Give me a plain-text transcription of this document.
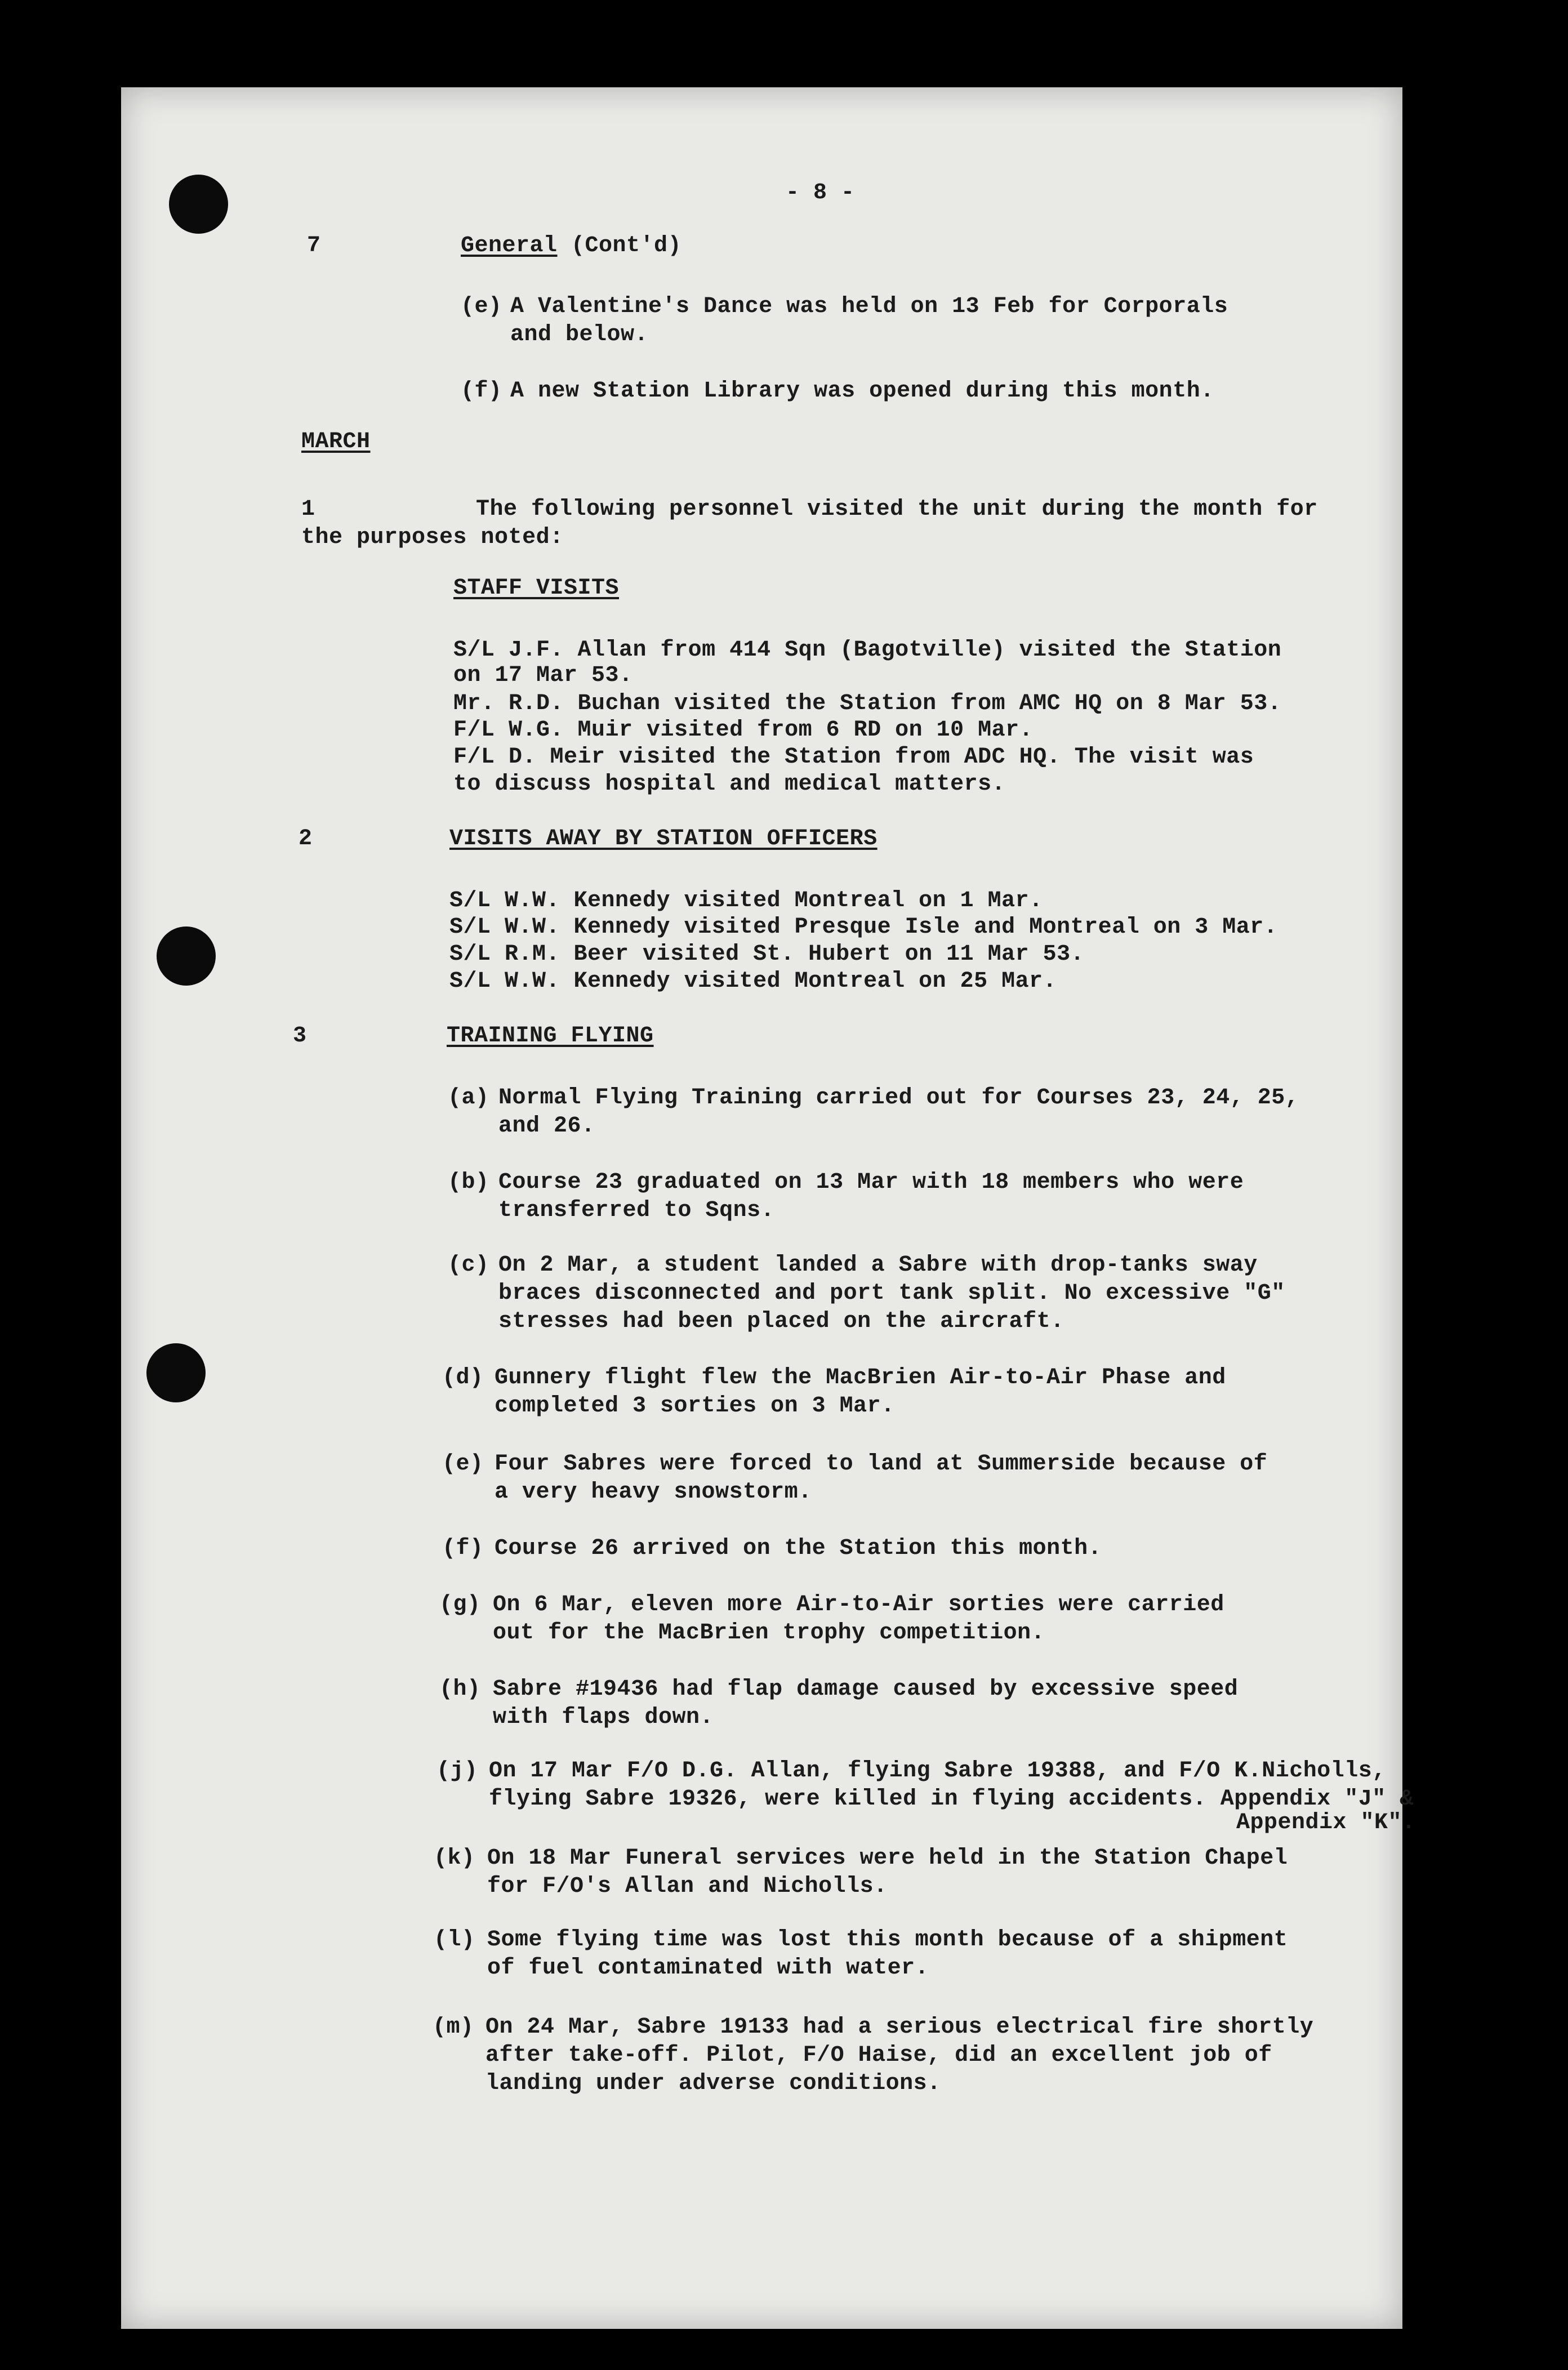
- 8 -
7	General (Cont'd)
(e) A Valentine's Dance was held on 13 Feb for Corporals
and below.
(f) A new Station Library was opened during this month.
MARCH
1	The following personnel visited the unit during the month for
the purposes noted:
STAFF VISITS
S/L J.F. Allan from 414 Sqn (Bagotville) visited the Station
on 17 Mar 53.
Mr. R.D. Buchan visited the Station from AMC HQ on 8 Mar 53.
F/L W.G. Muir visited from 6 RD on 10 Mar.
F/L D. Meir visited the Station from ADC HQ. The visit was
to discuss hospital and medical matters.
2	VISITS AWAY BY STATION OFFICERS
S/L W.W. Kennedy visited Montreal on 1 Mar.
S/L W.W. Kennedy visited Presque Isle and Montreal on 3 Mar.
S/L R.M. Beer visited St. Hubert on 11 Mar 53.
S/L W.W. Kennedy visited Montreal on 25 Mar.
3	TRAINING FLYING
(a) Normal Flying Training carried out for Courses 23, 24, 25,
and 26.
(b) Course 23 graduated on 13 Mar with 18 members who were
transferred to Sqns.
(c) On 2 Mar, a student landed a Sabre with drop-tanks sway
braces disconnected and port tank split. No excessive "G"
stresses had been placed on the aircraft.
(d) Gunnery flight flew the MacBrien Air-to-Air Phase and
completed 3 sorties on 3 Mar.
(e) Four Sabres were forced to land at Summerside because of
a very heavy snowstorm.
(f) Course 26 arrived on the Station this month.
(g) On 6 Mar, eleven more Air-to-Air sorties were carried
out for the MacBrien trophy competition.
(h) Sabre #19436 had flap damage caused by excessive speed
with flaps down.
(j) On 17 Mar F/O D.G. Allan, flying Sabre 19388, and F/O K.Nicholls,
flying Sabre 19326, were killed in flying accidents. Appendix "J" &
Appendix "K".
(k) On 18 Mar Funeral services were held in the Station Chapel
for F/O's Allan and Nicholls.
(l) Some flying time was lost this month because of a shipment
of fuel contaminated with water.
(m) On 24 Mar, Sabre 19133 had a serious electrical fire shortly
after take-off. Pilot, F/O Haise, did an excellent job of
landing under adverse conditions.
